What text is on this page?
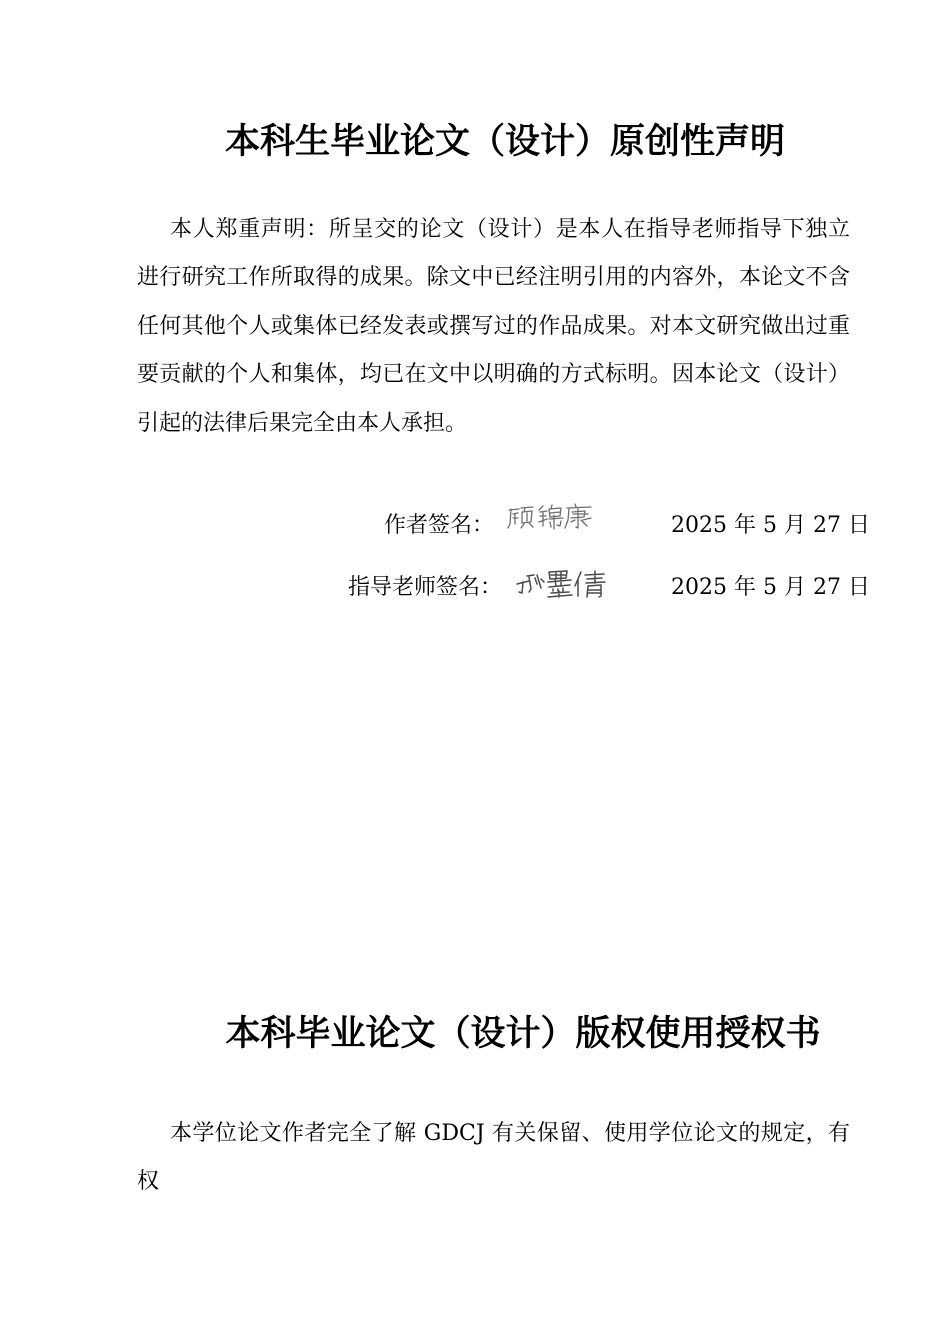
本科生毕业论文（设计）原创性声明

本人郑重声明：所呈交的论文（设计）是本人在指导老师指导下独立进行研究工作所取得的成果。除文中已经注明引用的内容外，本论文不含任何其他个人或集体已经发表或撰写过的作品成果。对本文研究做出过重要贡献的个人和集体，均已在文中以明确的方式标明。因本论文（设计）引起的法律后果完全由本人承担。

作者签名：	2025 年 5 月 27 日
指导老师签名：	2025 年 5 月 27 日
本科毕业论文（设计）版权使用授权书

本学位论文作者完全了解 GDCJ 有关保留、使用学位论文的规定，有权
